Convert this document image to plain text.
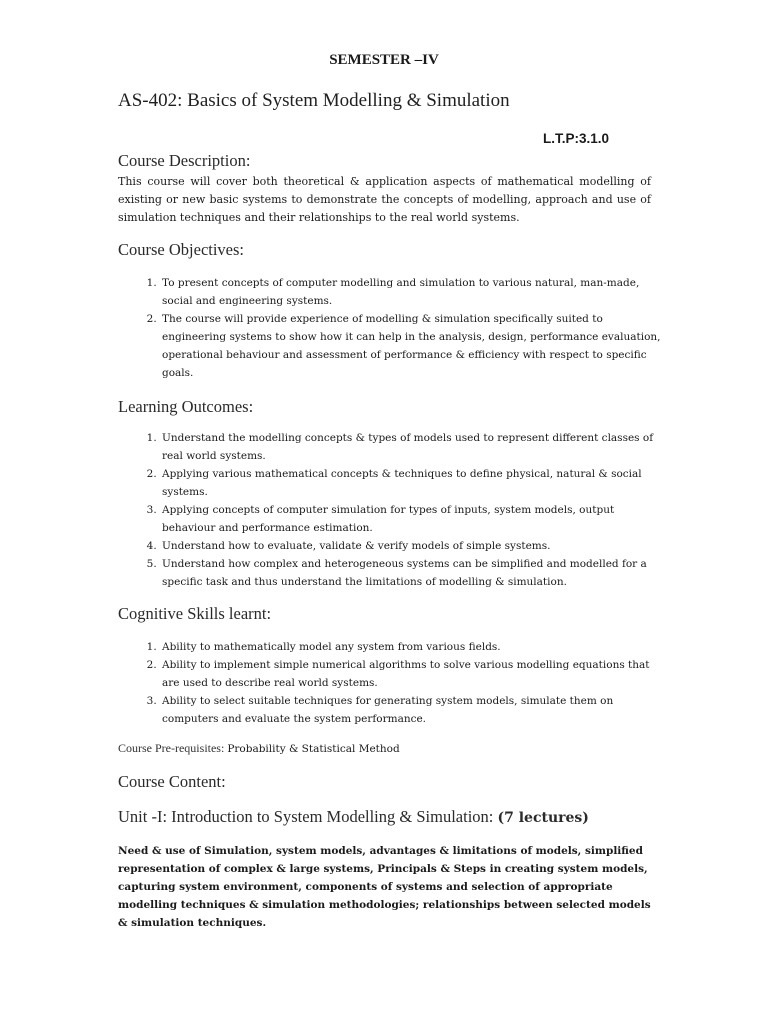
SEMESTER –IV
AS-402: Basics of System Modelling & Simulation
L.T.P:3.1.0
Course Description:
This course will cover both theoretical & application aspects of mathematical modelling of existing or new basic systems to demonstrate the concepts of modelling, approach and use of simulation techniques and their relationships to the real world systems.
Course Objectives:
1. To present concepts of computer modelling and simulation to various natural, man-made, social and engineering systems.
2. The course will provide experience of modelling & simulation specifically suited to engineering systems to show how it can help in the analysis, design, performance evaluation, operational behaviour and assessment of performance & efficiency with respect to specific goals.
Learning Outcomes:
1. Understand the modelling concepts & types of models used to represent different classes of real world systems.
2. Applying various mathematical concepts & techniques to define physical, natural & social systems.
3. Applying concepts of computer simulation for types of inputs, system models, output behaviour and performance estimation.
4. Understand how to evaluate, validate & verify models of simple systems.
5. Understand how complex and heterogeneous systems can be simplified and modelled for a specific task and thus understand the limitations of modelling & simulation.
Cognitive Skills learnt:
1. Ability to mathematically model any system from various fields.
2. Ability to implement simple numerical algorithms to solve various modelling equations that are used to describe real world systems.
3. Ability to select suitable techniques for generating system models, simulate them on computers and evaluate the system performance.
Course Pre-requisites: Probability & Statistical Method
Course Content:
Unit -I: Introduction to System Modelling & Simulation: (7 lectures)
Need & use of Simulation, system models, advantages & limitations of models, simplified representation of complex & large systems, Principals & Steps in creating system models, capturing system environment, components of systems and selection of appropriate modelling techniques & simulation methodologies; relationships between selected models & simulation techniques.
